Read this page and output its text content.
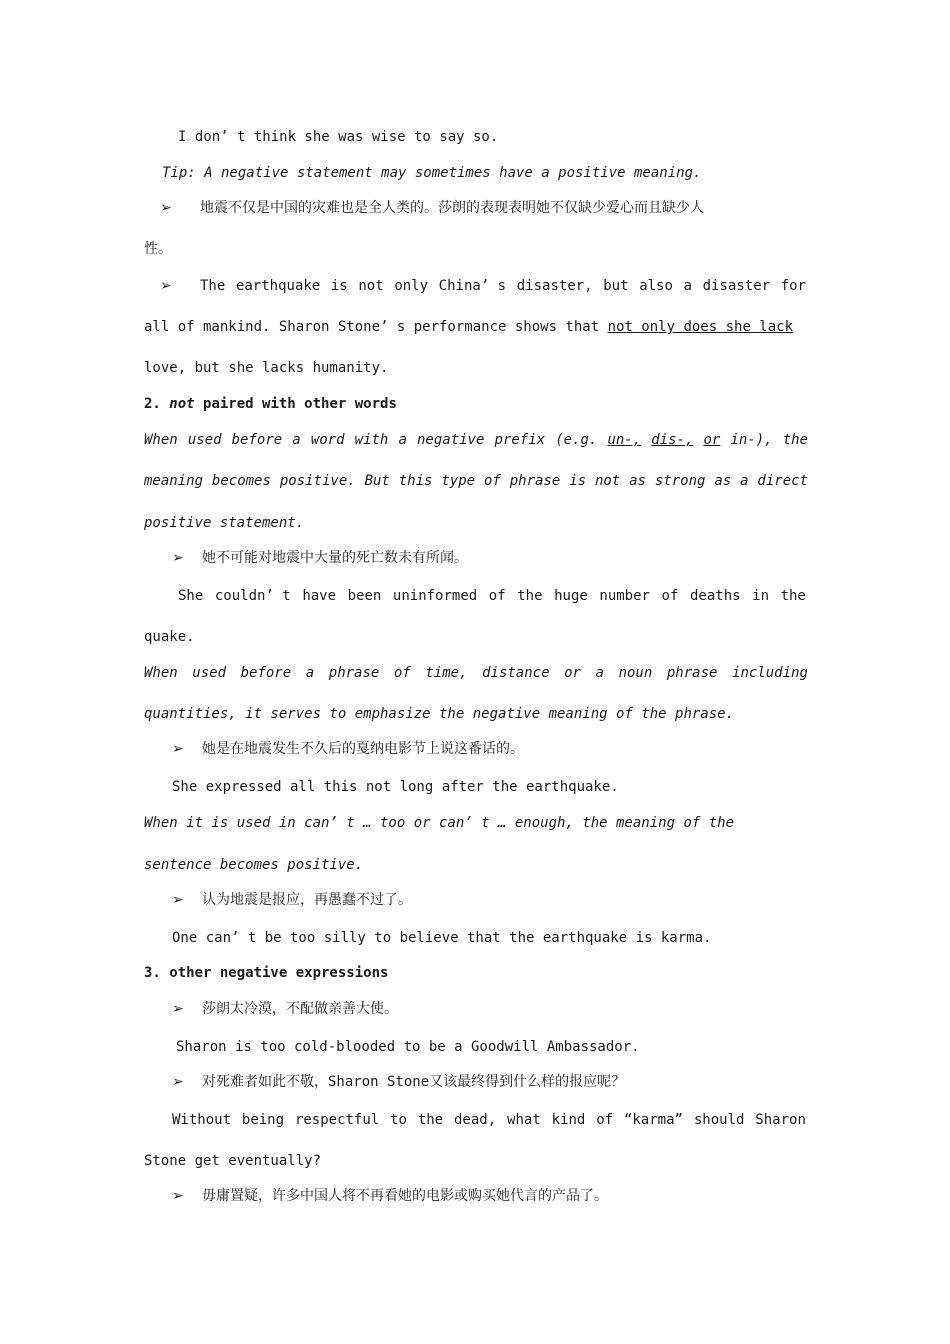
I don’ t think she was wise to say so.
Tip: A negative statement may sometimes have a positive meaning.
➢ 地震不仅是中国的灾难也是全人类的。莎朗的表现表明她不仅缺少爱心而且缺少人
性。
➢	The earthquake is not only China’ s disaster, but also a disaster for
all of mankind. Sharon Stone’ s performance shows that not only does she lack
love, but she lacks humanity.
2. not paired with other words
When used before a word with a negative prefix (e.g. un-, dis-, or in-), the
meaning becomes positive. But this type of phrase is not as strong as a direct
positive statement.
➢ 她不可能对地震中大量的死亡数未有所闻。
She couldn’ t have been uninformed of the huge number of deaths in the
quake.
When used before a phrase of time, distance or a noun phrase including
quantities, it serves to emphasize the negative meaning of the phrase.
➢ 她是在地震发生不久后的戛纳电影节上说这番话的。
She expressed all this not long after the earthquake.
When it is used in can’ t … too or can’ t … enough, the meaning of the
sentence becomes positive.
➢ 认为地震是报应，再愚蠢不过了。
One can’ t be too silly to believe that the earthquake is karma.
3. other negative expressions
➢ 莎朗太冷漠，不配做亲善大使。
Sharon is too cold-blooded to be a Goodwill Ambassador.
➢ 对死难者如此不敬，Sharon Stone又该最终得到什么样的报应呢？
Without being respectful to the dead, what kind of “karma” should Sharon
Stone get eventually?
➢ 毋庸置疑，许多中国人将不再看她的电影或购买她代言的产品了。
